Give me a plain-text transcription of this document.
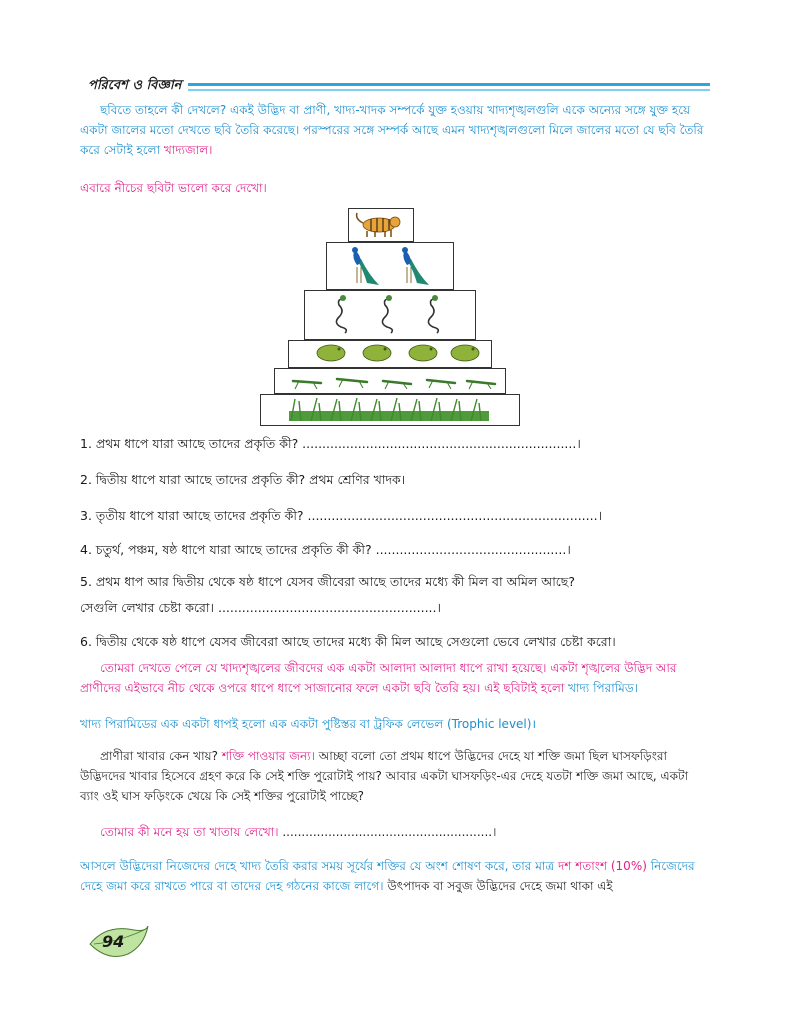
পরিবেশ ও বিজ্ঞান
ছবিতে তাহলে কী দেখলে? একই উদ্ভিদ বা প্রাণী, খাদ্য-খাদক সম্পর্কে যুক্ত হওয়ায় খাদ্যশৃঙ্খলগুলি একে অন্যের সঙ্গে যুক্ত হয়ে একটা জালের মতো দেখতে ছবি তৈরি করেছে। পরস্পরের সঙ্গে সম্পর্ক আছে এমন খাদ্যশৃঙ্খলগুলো মিলে জালের মতো যে ছবি তৈরি করে সেটাই হলো খাদ্যজাল।
এবারে নীচের ছবিটা ভালো করে দেখো।
1. প্রথম ধাপে যারা আছে তাদের প্রকৃতি কী? .....................................................................।
2. দ্বিতীয় ধাপে যারা আছে তাদের প্রকৃতি কী? প্রথম শ্রেণির খাদক।
3. তৃতীয় ধাপে যারা আছে তাদের প্রকৃতি কী? .........................................................................।
4. চতুর্থ, পঞ্চম, ষষ্ঠ ধাপে যারা আছে তাদের প্রকৃতি কী কী? ................................................।
5. প্রথম ধাপ আর দ্বিতীয় থেকে ষষ্ঠ ধাপে যেসব জীবেরা আছে তাদের মধ্যে কী মিল বা অমিল আছে?
সেগুলি লেখার চেষ্টা করো। .......................................................।
6. দ্বিতীয় থেকে ষষ্ঠ ধাপে যেসব জীবেরা আছে তাদের মধ্যে কী মিল আছে সেগুলো ভেবে লেখার চেষ্টা করো।
তোমরা দেখতে পেলে যে খাদ্যশৃঙ্খলের জীবদের এক একটা আলাদা আলাদা ধাপে রাখা হয়েছে। একটা শৃঙ্খলের উদ্ভিদ আর প্রাণীদের এইভাবে নীচ থেকে ওপরে ধাপে ধাপে সাজানোর ফলে একটা ছবি তৈরি হয়। এই ছবিটাই হলো খাদ্য পিরামিড।
খাদ্য পিরামিডের এক একটা ধাপই হলো এক একটা পুষ্টিস্তর বা ট্রফিক লেভেল (Trophic level)।
প্রাণীরা খাবার কেন খায়? শক্তি পাওয়ার জন্য। আচ্ছা বলো তো প্রথম ধাপে উদ্ভিদের দেহে যা শক্তি জমা ছিল ঘাসফড়িংরা উদ্ভিদদের খাবার হিসেবে গ্রহণ করে কি সেই শক্তি পুরোটাই পায়? আবার একটা ঘাসফড়িং-এর দেহে যতটা শক্তি জমা আছে, একটা ব্যাং ওই ঘাস ফড়িংকে খেয়ে কি সেই শক্তির পুরোটাই পাচ্ছে?
তোমার কী মনে হয় তা খাতায় লেখো। .......................................................।
আসলে উদ্ভিদেরা নিজেদের দেহে খাদ্য তৈরি করার সময় সূর্যের শক্তির যে অংশ শোষণ করে, তার মাত্র দশ শতাংশ (10%) নিজেদের দেহে জমা করে রাখতে পারে বা তাদের দেহ গঠনের কাজে লাগে। উৎপাদক বা সবুজ উদ্ভিদের দেহে জমা থাকা এই
94
